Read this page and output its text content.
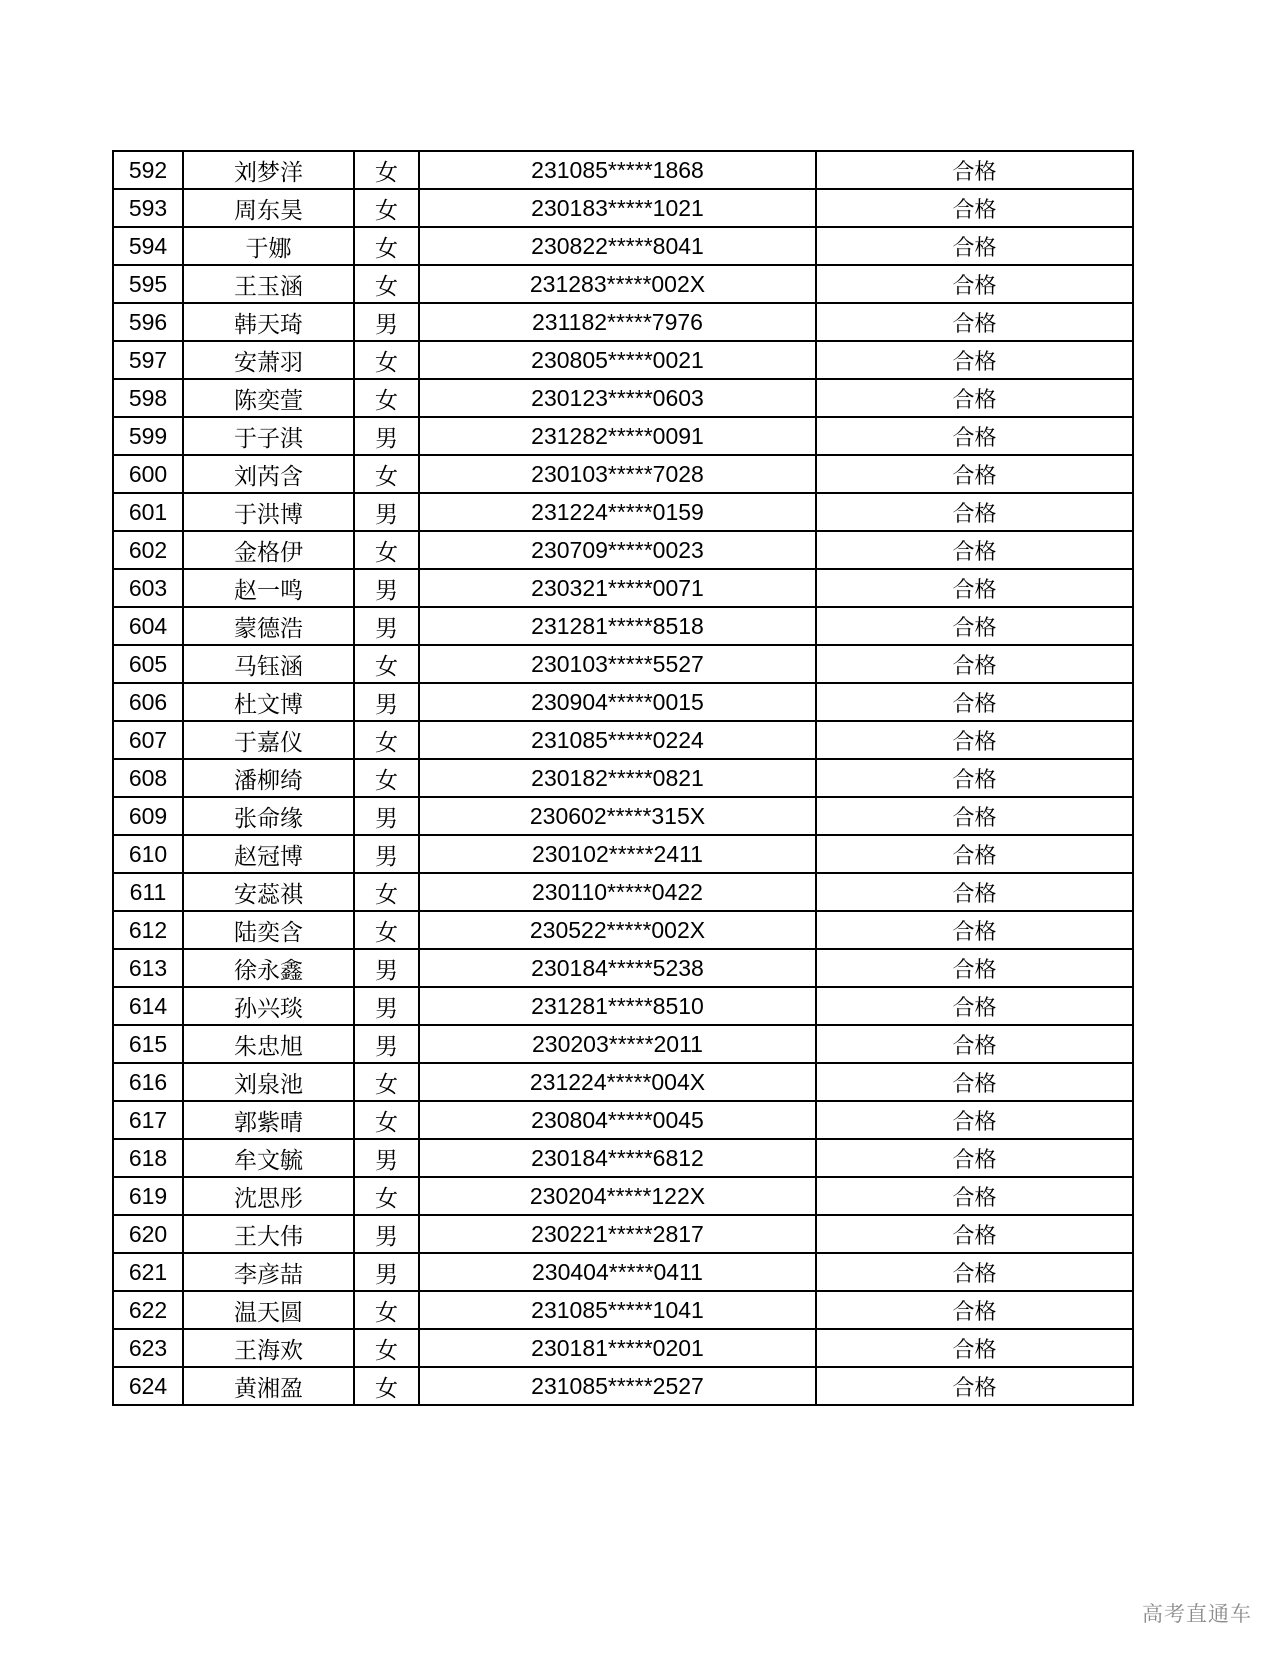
592	刘梦洋	女	231085*****1868	合格
593	周东昊	女	230183*****1021	合格
594	于娜	女	230822*****8041	合格
595	王玉涵	女	231283*****002X	合格
596	韩天琦	男	231182*****7976	合格
597	安萧羽	女	230805*****0021	合格
598	陈奕萱	女	230123*****0603	合格
599	于子淇	男	231282*****0091	合格
600	刘芮含	女	230103*****7028	合格
601	于洪博	男	231224*****0159	合格
602	金格伊	女	230709*****0023	合格
603	赵一鸣	男	230321*****0071	合格
604	蒙德浩	男	231281*****8518	合格
605	马钰涵	女	230103*****5527	合格
606	杜文博	男	230904*****0015	合格
607	于嘉仪	女	231085*****0224	合格
608	潘柳绮	女	230182*****0821	合格
609	张命缘	男	230602*****315X	合格
610	赵冠博	男	230102*****2411	合格
611	安蕊祺	女	230110*****0422	合格
612	陆奕含	女	230522*****002X	合格
613	徐永鑫	男	230184*****5238	合格
614	孙兴琰	男	231281*****8510	合格
615	朱忠旭	男	230203*****2011	合格
616	刘泉池	女	231224*****004X	合格
617	郭紫晴	女	230804*****0045	合格
618	牟文毓	男	230184*****6812	合格
619	沈思彤	女	230204*****122X	合格
620	王大伟	男	230221*****2817	合格
621	李彦喆	男	230404*****0411	合格
622	温天圆	女	231085*****1041	合格
623	王海欢	女	230181*****0201	合格
624	黄湘盈	女	231085*****2527	合格
高考直通车
